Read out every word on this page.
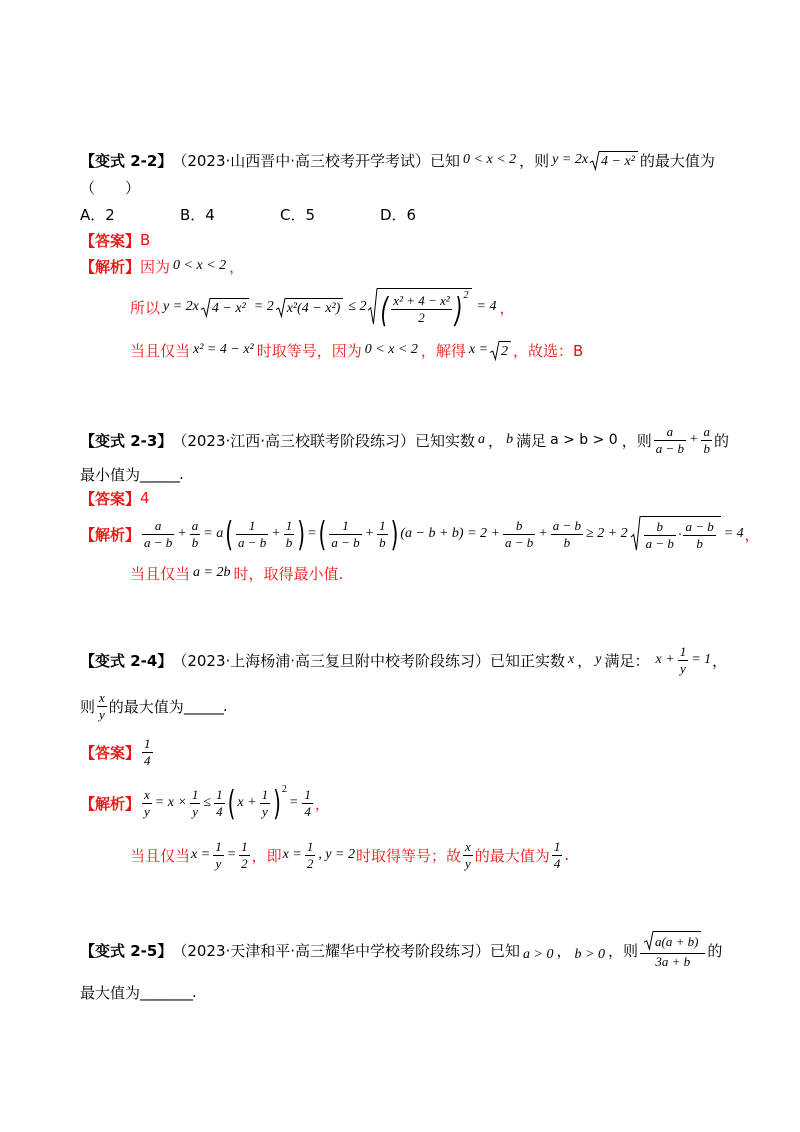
【变式 2-2】 （2023·山西晋中·高三校考开学考试）已知 0 < x < 2 ，则 y = 2x 4 − x² 的最大值为
（　　）
A．2	B．4	C．5	D．6
【答案】 B
【解析】 因为 0 < x < 2 ，
所以 y = 2x 4 − x² = 2 x²(4 − x²) ≤ 2 ( $\frac{\text{x² + 4 − x²}}{2}$ ) 2
= 4 ，
当且仅当 x² = 4 − x² 时取等号，因为 0 < x < 2 ，解得 x = 2 ，故选：B
【变式 2-3】 （2023·江西·高三校联考阶段练习）已知实数 a ， b 满足 a > b > 0 ，则 $\frac{a}{a - b} + \frac{a}{b}$ 的
最小值为 ______ .
【答案】 4
【解析】 $\frac{a}{a - b} + \frac{a}{b} = a$ ( $\frac{1}{a - b} + \frac{1}{b}$ ) = ( $\frac{1}{a - b} + \frac{1}{b}$ ) $(a - b + b) = 2 + \frac{b}{a - b} + \frac{a - b}{b} \ge 2 + 2 \frac{b}{a - b} \cdot \frac{a - b}{b} = 4$ ，
当且仅当 a = 2b 时，取得最小值.
【变式 2-4】 （2023·上海杨浦·高三复旦附中校考阶段练习）已知正实数 x ， y 满足： $x + \frac{1}{y} = 1$ ，
则 $\frac{x}{y}$ 的最大值为 ______ .
【答案】 $\frac{1}{4}$
【解析】 $\frac{x}{y} = x \times \frac{1}{y} \le \frac{1}{4}$ ( $x + \frac{1}{y}$ ) 2
= $\frac{1}{4}$ ，
当且仅当 $x = \frac{1}{y} = \frac{1}{2}$ ，即 $x = \frac{1}{2}$ , y = 2 时取得等号；故 $\frac{x}{y}$ 的最大值为 $\frac{1}{4}$ .
【变式 2-5】 （2023·天津和平·高三耀华中学校考阶段练习）已知 a > 0 ， b > 0 ，则 $\frac{a(a + b)}{3a + b}$ 的
最大值为 ________ .
